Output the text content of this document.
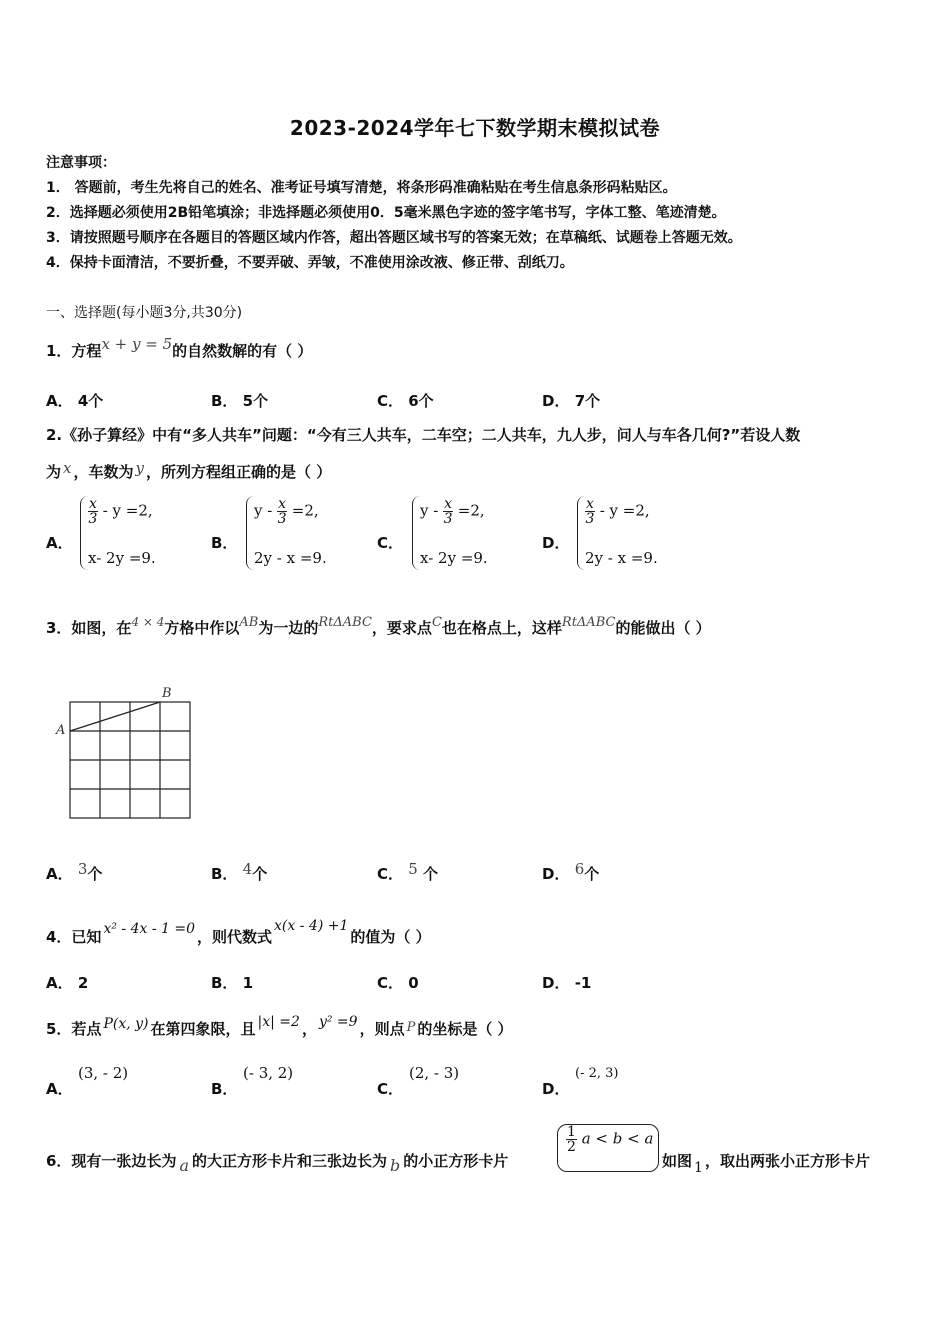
2023-2024学年七下数学期末模拟试卷
注意事项：
1． 答题前，考生先将自己的姓名、准考证号填写清楚，将条形码准确粘贴在考生信息条形码粘贴区。
2．选择题必须使用2B铅笔填涂；非选择题必须使用0．5毫米黑色字迹的签字笔书写，字体工整、笔迹清楚。
3．请按照题号顺序在各题目的答题区域内作答，超出答题区域书写的答案无效；在草稿纸、试题卷上答题无效。
4．保持卡面清洁，不要折叠，不要弄破、弄皱，不准使用涂改液、修正带、刮纸刀。
一、选择题(每小题3分,共30分)
1．方程x + y = 5的自然数解的有（ ）
A． 4个	B． 5个	C． 6个	D． 7个
2.《孙子算经》中有“多人共车”问题：“今有三人共车，二车空；二人共车，九人步，问人与车各几何?”若设人数
为 x ，车数为 y ，所列方程组正确的是（ ）
A．
$\frac{x}{3} - y =2$,
x- 2y =9.
B．
$y - \frac{x}{3} =2$,
2y - x =9.
C．
$y - \frac{x}{3} =2$,
x- 2y =9.
D．
$\frac{x}{3} - y =2$,
2y - x =9.
3．如图，在$^{4 \times 4}$方格中作以AB为一边的RtΔABC，要求点C也在格点上，这样RtΔABC的能做出（ ）
A
B
A． 3个	B． 4个	C． 5 个	D． 6个
4．已知 x² - 4x - 1 =0 ，则代数式x(x - 4) +1的值为（ ）
A． 2	B． 1	C． 0	D． -1
5．若点 P(x, y) 在第四象限，且 |x| =2 ， y² =9 ，则点 P 的坐标是（ ）
A．
(3, - 2)
B．
(- 3, 2)
C．
(2, - 3)
D．
(- 2, 3)
6．现有一张边长为 a 的大正方形卡片和三张边长为 b 的小正方形卡片
$\frac{1}{2}$ a < b < a
如图 1 ，取出两张小正方形卡片
